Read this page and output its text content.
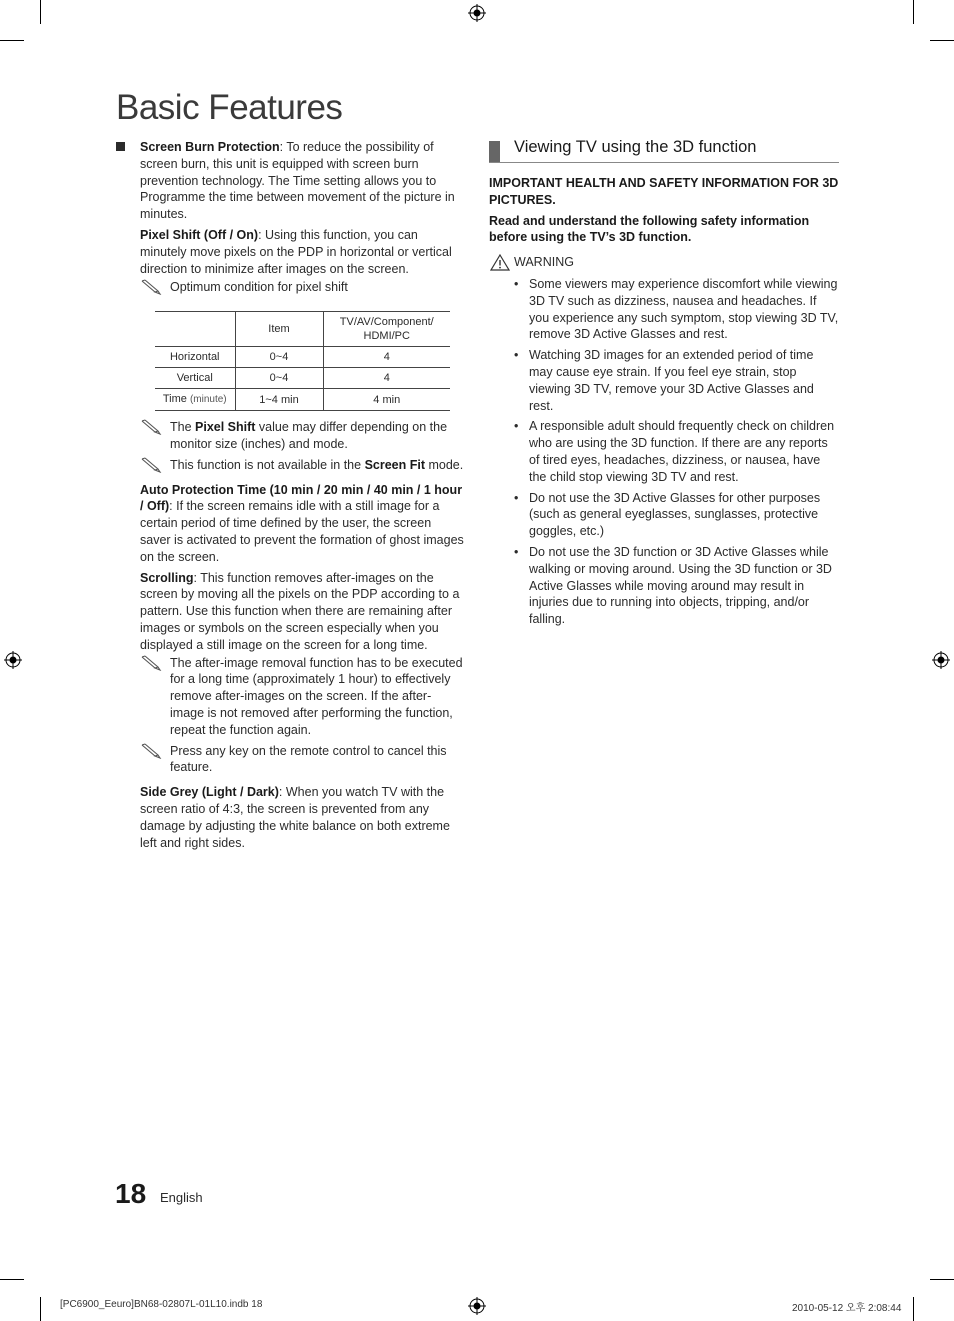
Basic Features
Screen Burn Protection: To reduce the possibility of screen burn, this unit is equipped with screen burn prevention technology. The Time setting allows you to Programme the time between movement of the picture in minutes.
Pixel Shift (Off / On): Using this function, you can minutely move pixels on the PDP in horizontal or vertical direction to minimize after images on the screen.
Optimum condition for pixel shift
	Item	TV/AV/Component/ HDMI/PC
Horizontal	0~4	4
Vertical	0~4	4
Time (minute)	1~4 min	4 min
The Pixel Shift value may differ depending on the monitor size (inches) and mode.
This function is not available in the Screen Fit mode.
Auto Protection Time (10 min / 20 min / 40 min / 1 hour / Off): If the screen remains idle with a still image for a certain period of time defined by the user, the screen saver is activated to prevent the formation of ghost images on the screen.
Scrolling: This function removes after-images on the screen by moving all the pixels on the PDP according to a pattern. Use this function when there are remaining after images or symbols on the screen especially when you displayed a still image on the screen for a long time.
The after-image removal function has to be executed for a long time (approximately 1 hour) to effectively remove after-images on the screen. If the after-image is not removed after performing the function, repeat the function again.
Press any key on the remote control to cancel this feature.
Side Grey (Light / Dark): When you watch TV with the screen ratio of 4:3, the screen is prevented from any damage by adjusting the white balance on both extreme left and right sides.
Viewing TV using the 3D function
IMPORTANT HEALTH AND SAFETY INFORMATION FOR 3D PICTURES.
Read and understand the following safety information before using the TV’s 3D function.
WARNING
• Some viewers may experience discomfort while viewing 3D TV such as dizziness, nausea and headaches. If you experience any such symptom, stop viewing 3D TV, remove 3D Active Glasses and rest.
• Watching 3D images for an extended period of time may cause eye strain. If you feel eye strain, stop viewing 3D TV, remove your 3D Active Glasses and rest.
• A responsible adult should frequently check on children who are using the 3D function. If there are any reports of tired eyes, headaches, dizziness, or nausea, have the child stop viewing 3D TV and rest.
• Do not use the 3D Active Glasses for other purposes (such as general eyeglasses, sunglasses, protective goggles, etc.)
• Do not use the 3D function or 3D Active Glasses while walking or moving around. Using the 3D function or 3D Active Glasses while moving around may result in injuries due to running into objects, tripping, and/or falling.
18 English
[PC6900_Eeuro]BN68-02807L-01L10.indb 18	2010-05-12 오후 2:08:44
